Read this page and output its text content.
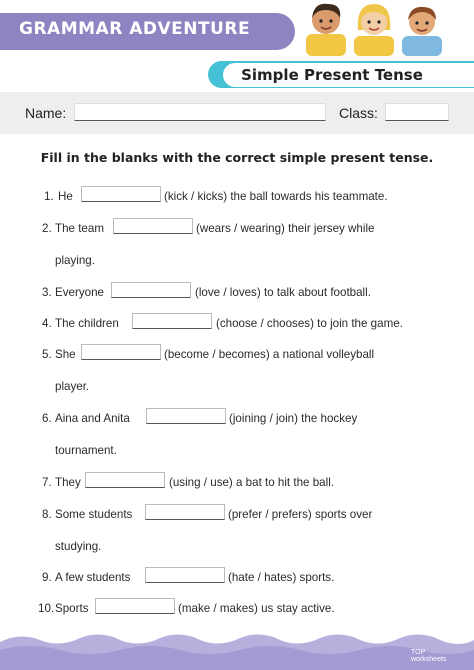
GRAMMAR ADVENTURE

Simple Present Tense

Name:	Class:

Fill in the blanks with the correct simple present tense.

1. He	(kick / kicks) the ball towards his teammate.
2. The team	(wears / wearing) their jersey while
playing.
3. Everyone	(love / loves) to talk about football.
4. The children	(choose / chooses) to join the game.
5. She	(become / becomes) a national volleyball
player.
6. Aina and Anita	(joining / join) the hockey
tournament.
7. They	(using / use) a bat to hit the ball.
8. Some students	(prefer / prefers) sports over
studying.
9. A few students	(hate / hates) sports.
10. Sports	(make / makes) us stay active.
TOP
worksheets
